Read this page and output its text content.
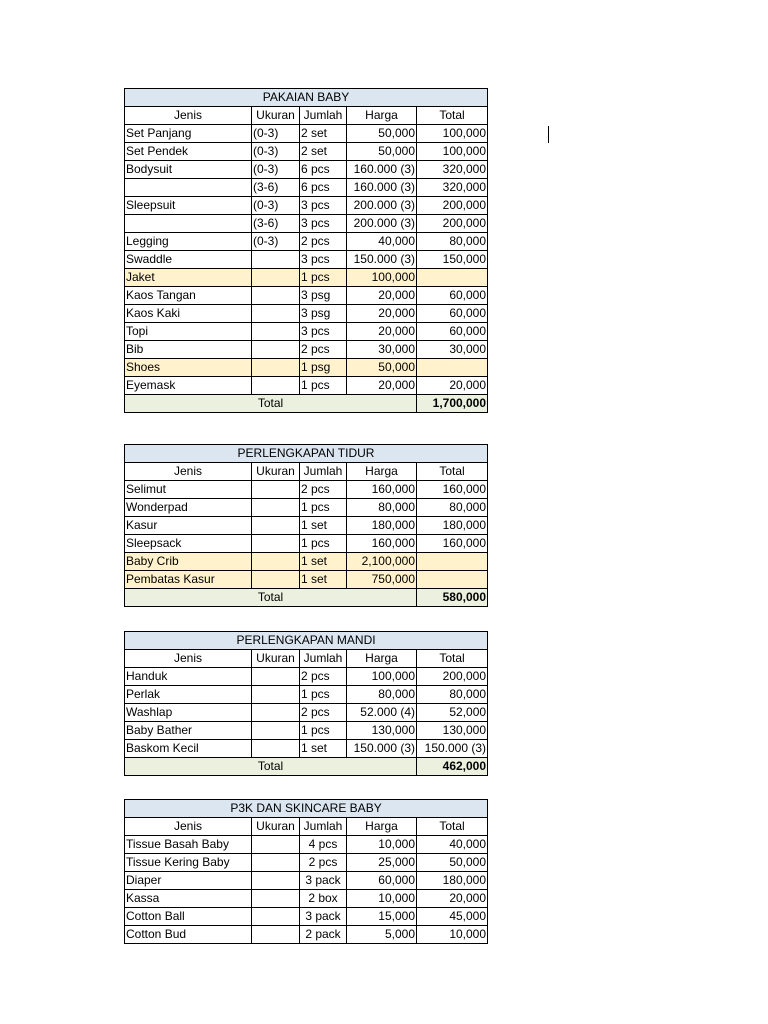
PAKAIAN BABY				
Jenis	Ukuran	Jumlah	Harga	Total
Set Panjang	(0-3)	2 set	50,000	100,000
Set Pendek	(0-3)	2 set	50,000	100,000
Bodysuit	(0-3)	6 pcs	160.000 (3)	320,000
	(3-6)	6 pcs	160.000 (3)	320,000
Sleepsuit	(0-3)	3 pcs	200.000 (3)	200,000
	(3-6)	3 pcs	200.000 (3)	200,000
Legging	(0-3)	2 pcs	40,000	80,000
Swaddle		3 pcs	150.000 (3)	150,000
Jaket		1 pcs	100,000	
Kaos Tangan		3 psg	20,000	60,000
Kaos Kaki		3 psg	20,000	60,000
Topi		3 pcs	20,000	60,000
Bib		2 pcs	30,000	30,000
Shoes		1 psg	50,000	
Eyemask		1 pcs	20,000	20,000
Total				1,700,000
PERLENGKAPAN TIDUR				
Jenis	Ukuran	Jumlah	Harga	Total
Selimut		2 pcs	160,000	160,000
Wonderpad		1 pcs	80,000	80,000
Kasur		1 set	180,000	180,000
Sleepsack		1 pcs	160,000	160,000
Baby Crib		1 set	2,100,000	
Pembatas Kasur		1 set	750,000	
Total				580,000
PERLENGKAPAN MANDI				
Jenis	Ukuran	Jumlah	Harga	Total
Handuk		2 pcs	100,000	200,000
Perlak		1 pcs	80,000	80,000
Washlap		2 pcs	52.000 (4)	52,000
Baby Bather		1 pcs	130,000	130,000
Baskom Kecil		1 set	150.000 (3)	150.000 (3)
Total				462,000
P3K DAN SKINCARE BABY				
Jenis	Ukuran	Jumlah	Harga	Total
Tissue Basah Baby		4 pcs	10,000	40,000
Tissue Kering Baby		2 pcs	25,000	50,000
Diaper		3 pack	60,000	180,000
Kassa		2 box	10,000	20,000
Cotton Ball		3 pack	15,000	45,000
Cotton Bud		2 pack	5,000	10,000
